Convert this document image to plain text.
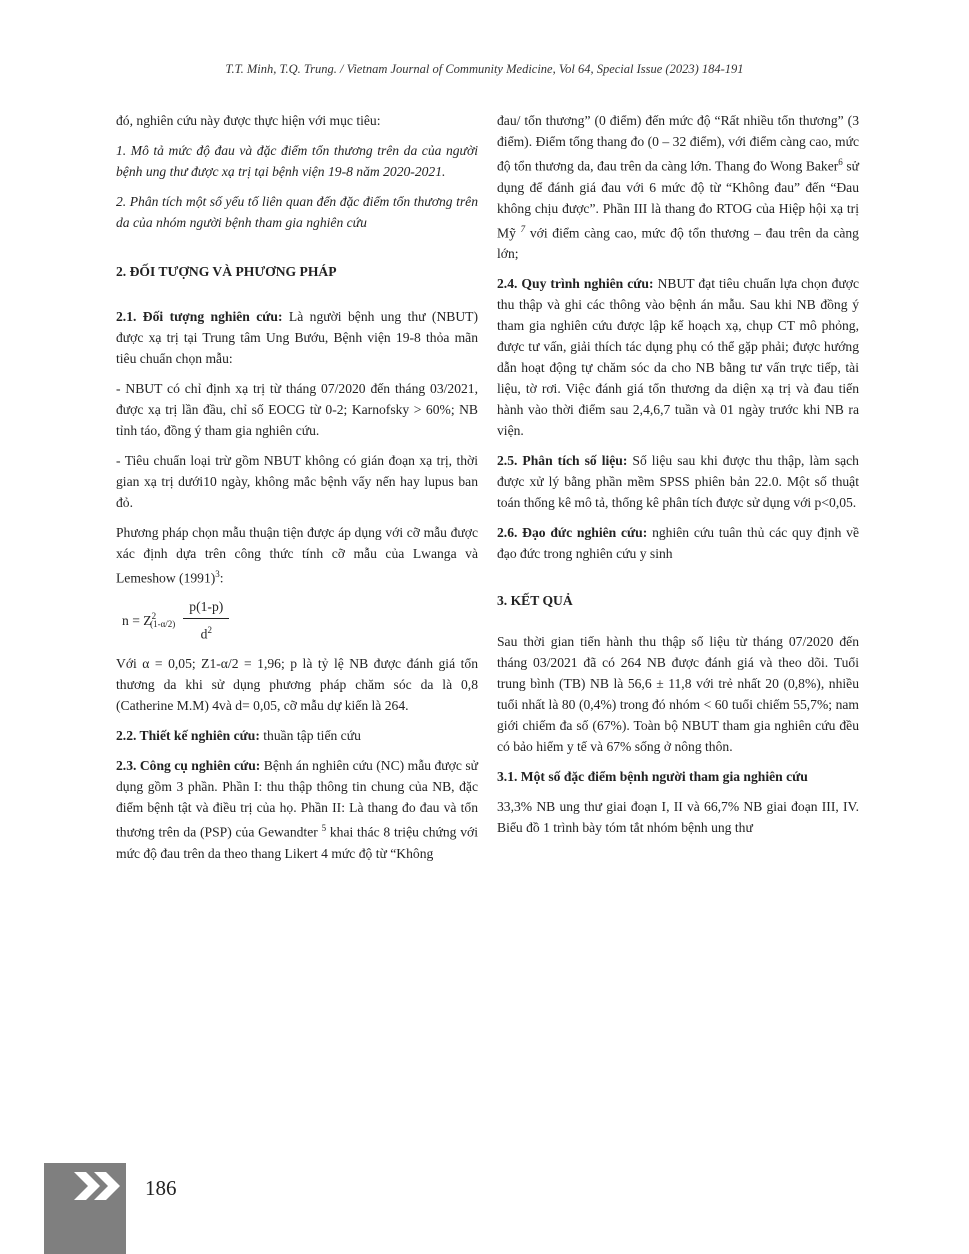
T.T. Minh, T.Q. Trung. / Vietnam Journal of Community Medicine, Vol 64, Special Issue (2023) 184-191

đó, nghiên cứu này được thực hiện với mục tiêu:

1. Mô tả mức độ đau và đặc điểm tổn thương trên da của người bệnh ung thư được xạ trị tại bệnh viện 19-8 năm 2020-2021.

2. Phân tích một số yếu tố liên quan đến đặc điểm tổn thương trên da của nhóm người bệnh tham gia nghiên cứu

2. ĐỐI TƯỢNG VÀ PHƯƠNG PHÁP

2.1. Đối tượng nghiên cứu: Là người bệnh ung thư (NBUT) được xạ trị tại Trung tâm Ung Bướu, Bệnh viện 19-8 thỏa mãn tiêu chuẩn chọn mẫu:

- NBUT có chỉ định xạ trị từ tháng 07/2020 đến tháng 03/2021, được xạ trị lần đầu, chỉ số EOCG từ 0-2; Karnofsky > 60%; NB tỉnh táo, đồng ý tham gia nghiên cứu.

- Tiêu chuẩn loại trừ gồm NBUT không có gián đoạn xạ trị, thời gian xạ trị dưới10 ngày, không mắc bệnh vẩy nến hay lupus ban đỏ.

Phương pháp chọn mẫu thuận tiện được áp dụng với cỡ mẫu được xác định dựa trên công thức tính cỡ mẫu của Lwanga và Lemeshow $(1991)^3$:

$n = Z^2$
$_{(1-\alpha/2)} \frac{p(1-p)}{d^2}$

Với α = 0,05; Z1-α/2 = 1,96; p là tỷ lệ NB được đánh giá tổn thương da khi sử dụng phương pháp chăm sóc da là 0,8 (Catherine M.M) 4và d= 0,05, cỡ mẫu dự kiến là 264.

2.2. Thiết kế nghiên cứu: thuần tập tiến cứu

2.3. Công cụ nghiên cứu: Bệnh án nghiên cứu (NC) mẫu được sử dụng gồm 3 phần. Phần I: thu thập thông tin chung của NB, đặc điểm bệnh tật và điều trị của họ. Phần II: Là thang đo đau và tổn thương trên da (PSP) của Gewandter $^5$ khai thác 8 triệu chứng với mức độ đau trên da theo thang Likert 4 mức độ từ “Không

đau/ tổn thương” (0 điểm) đến mức độ “Rất nhiều tổn thương” (3 điểm). Điểm tổng thang đo (0 – 32 điểm), với điểm càng cao, mức độ tổn thương da, đau trên da càng lớn. Thang đo Wong Baker$^6$ sử dụng để đánh giá đau với 6 mức độ từ “Không đau” đến “Đau không chịu được”. Phần III là thang đo RTOG của Hiệp hội xạ trị Mỹ $^7$ với điểm càng cao, mức độ tổn thương – đau trên da càng lớn;

2.4. Quy trình nghiên cứu: NBUT đạt tiêu chuẩn lựa chọn được thu thập và ghi các thông vào bệnh án mẫu. Sau khi NB đồng ý tham gia nghiên cứu được lập kế hoạch xạ, chụp CT mô phỏng, được tư vấn, giải thích tác dụng phụ có thể gặp phải; được hướng dẫn hoạt động tự chăm sóc da cho NB bằng tư vấn trực tiếp, tài liệu, tờ rơi. Việc đánh giá tổn thương da diện xạ trị và đau tiến hành vào thời điểm sau 2,4,6,7 tuần và 01 ngày trước khi NB ra viện.

2.5. Phân tích số liệu: Số liệu sau khi được thu thập, làm sạch được xử lý bằng phần mềm SPSS phiên bản 22.0. Một số thuật toán thống kê mô tả, thống kê phân tích được sử dụng với p<0,05.

2.6. Đạo đức nghiên cứu: nghiên cứu tuân thủ các quy định về đạo đức trong nghiên cứu y sinh

3. KẾT QUẢ

Sau thời gian tiến hành thu thập số liệu từ tháng 07/2020 đến tháng 03/2021 đã có 264 NB được đánh giá và theo dõi. Tuổi trung bình (TB) NB là 56,6 ± 11,8 với trẻ nhất 20 (0,8%), nhiều tuổi nhất là 80 (0,4%) trong đó nhóm < 60 tuổi chiếm 55,7%; nam giới chiếm đa số (67%). Toàn bộ NBUT tham gia nghiên cứu đều có bảo hiểm y tế và 67% sống ở nông thôn.

3.1. Một số đặc điểm bệnh người tham gia nghiên cứu

33,3% NB ung thư giai đoạn I, II và 66,7% NB giai đoạn III, IV. Biểu đồ 1 trình bày tóm tắt nhóm bệnh ung thư

186
